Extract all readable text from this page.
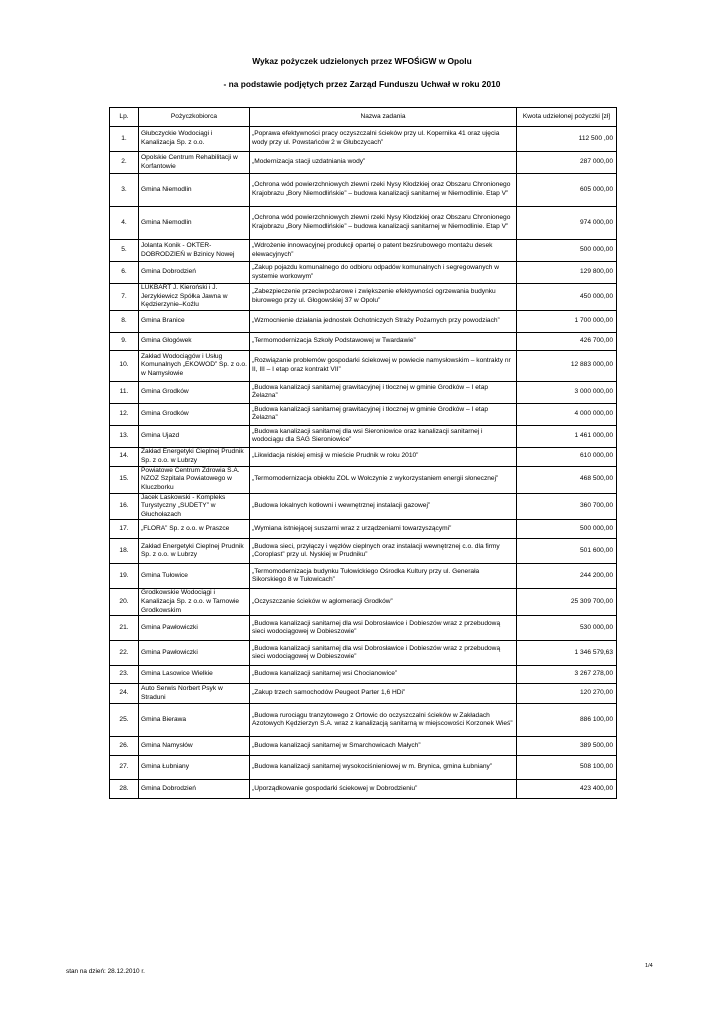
Wykaz pożyczek udzielonych przez WFOŚiGW w Opolu
- na podstawie podjętych przez Zarząd Funduszu Uchwał w roku 2010
Lp.	Pożyczkobiorca	Nazwa zadania	Kwota udzielonej pożyczki [zł]
1.	Głubczyckie Wodociągi i Kanalizacja Sp. z o.o.	„Poprawa efektywności pracy oczyszczalni ścieków przy ul. Kopernika 41 oraz ujęcia wody przy ul. Powstańców 2 w Głubczycach”	112 500 ,00
2.	Opolskie Centrum Rehabilitacji w Korfantowie	„Modernizacja stacji uzdatniania wody”	287 000,00
3.	Gmina Niemodlin	„Ochrona wód powierzchniowych zlewni rzeki Nysy Kłodzkiej oraz Obszaru Chronionego Krajobrazu „Bory Niemodlińskie” – budowa kanalizacji sanitarnej w Niemodlinie. Etap V”	605 000,00
4.	Gmina Niemodlin	„Ochrona wód powierzchniowych zlewni rzeki Nysy Kłodzkiej oraz Obszaru Chronionego Krajobrazu „Bory Niemodlińskie” – budowa kanalizacji sanitarnej w Niemodlinie. Etap V”	974 000,00
5.	Jolanta Konik - OKTER-DOBRODZIEŃ w Bzinicy Nowej	„Wdrożenie innowacyjnej produkcji opartej o patent bezśrubowego montażu desek elewacyjnych”	500 000,00
6.	Gmina Dobrodzień	„Zakup pojazdu komunalnego do odbioru odpadów komunalnych i segregowanych w systemie workowym”	129 800,00
7.	LUKBART J. Kieroński i J. Jerzykiewicz Spółka Jawna w Kędzierzynie–Koźlu	„Zabezpieczenie przeciwpożarowe i zwiększenie efektywności ogrzewania budynku biurowego przy ul. Głogowskiej 37 w Opolu”	450 000,00
8.	Gmina Branice	„Wzmocnienie działania jednostek Ochotniczych Straży Pożarnych przy powodziach”	1 700 000,00
9.	Gmina Głogówek	„Termomodernizacja Szkoły Podstawowej w Twardawie”	426 700,00
10.	Zakład Wodociągów i Usług Komunalnych „EKOWOD” Sp. z o.o. w Namysłowie	„Rozwiązanie problemów gospodarki ściekowej w powiecie namysłowskim – kontrakty nr II, III – I etap oraz kontrakt VII”	12 883 000,00
11.	Gmina Grodków	„Budowa kanalizacji sanitarnej grawitacyjnej i tłocznej w gminie Grodków – I etap Żelazna”	3 000 000,00
12.	Gmina Grodków	„Budowa kanalizacji sanitarnej grawitacyjnej i tłocznej w gminie Grodków – I etap Żelazna”	4 000 000,00
13.	Gmina Ujazd	„Budowa kanalizacji sanitarnej dla wsi Sieroniowice oraz kanalizacji sanitarnej i wodociągu dla SAG Sieroniowice”	1 461 000,00
14.	Zakład Energetyki Cieplnej Prudnik Sp. z o.o. w Lubrzy	„Likwidacja niskiej emisji w mieście Prudnik w roku 2010”	610 000,00
15.	Powiatowe Centrum Zdrowia S.A. NZOZ Szpitala Powiatowego w Kluczborku	„Termomodernizacja obiektu ZOL w Wołczynie z wykorzystaniem energii słonecznej”	468 500,00
16.	Jacek Laskowski - Kompleks Turystyczny „SUDETY” w Głuchołazach	„Budowa lokalnych kotłowni i wewnętrznej instalacji gazowej”	360 700,00
17.	„FLORA” Sp. z o.o. w Praszce	„Wymiana istniejącej suszarni wraz z urządzeniami towarzyszącymi”	500 000,00
18.	Zakład Energetyki Cieplnej Prudnik Sp. z o.o. w Lubrzy	„Budowa sieci, przyłączy i węzłów cieplnych oraz instalacji wewnętrznej c.o. dla firmy „Coroplast” przy ul. Nyskiej w Prudniku”	501 600,00
19.	Gmina Tułowice	„Termomodernizacja budynku Tułowickiego Ośrodka Kultury przy ul. Generała Sikorskiego 8 w Tułowicach”	244 200,00
20.	Grodkowskie Wodociągi i Kanalizacja Sp. z o.o. w Tarnowie Grodkowskim	„Oczyszczanie ścieków w aglomeracji Grodków”	25 309 700,00
21.	Gmina Pawłowiczki	„Budowa kanalizacji sanitarnej dla wsi Dobrosławice i Dobieszów wraz z przebudową sieci wodociągowej w Dobieszowie”	530 000,00
22.	Gmina Pawłowiczki	„Budowa kanalizacji sanitarnej dla wsi Dobrosławice i Dobieszów wraz z przebudową sieci wodociągowej w Dobieszowie”	1 346 579,63
23.	Gmina Lasowice Wielkie	„Budowa kanalizacji sanitarnej wsi Chocianowice”	3 267 278,00
24.	Auto Serwis Norbert Psyk w Straduni	„Zakup trzech samochodów Peugeot Parter 1,6 HDi”	120 270,00
25.	Gmina Bierawa	„Budowa rurociągu tranzytowego z Ortowic do oczyszczalni ścieków w Zakładach Azotowych Kędzierzyn S.A. wraz z kanalizacją sanitarną w miejscowości Korzonek Wieś”	886 100,00
26.	Gmina Namysłów	„Budowa kanalizacji sanitarnej w Smarchowicach Małych”	389 500,00
27.	Gmina Łubniany	„Budowa kanalizacji sanitarnej wysokociśnieniowej w m. Brynica, gmina Łubniany”	508 100,00
28.	Gmina Dobrodzień	„Uporządkowanie gospodarki ściekowej w Dobrodzieniu”	423 400,00
stan na dzień: 28.12.2010 r.
1/4
